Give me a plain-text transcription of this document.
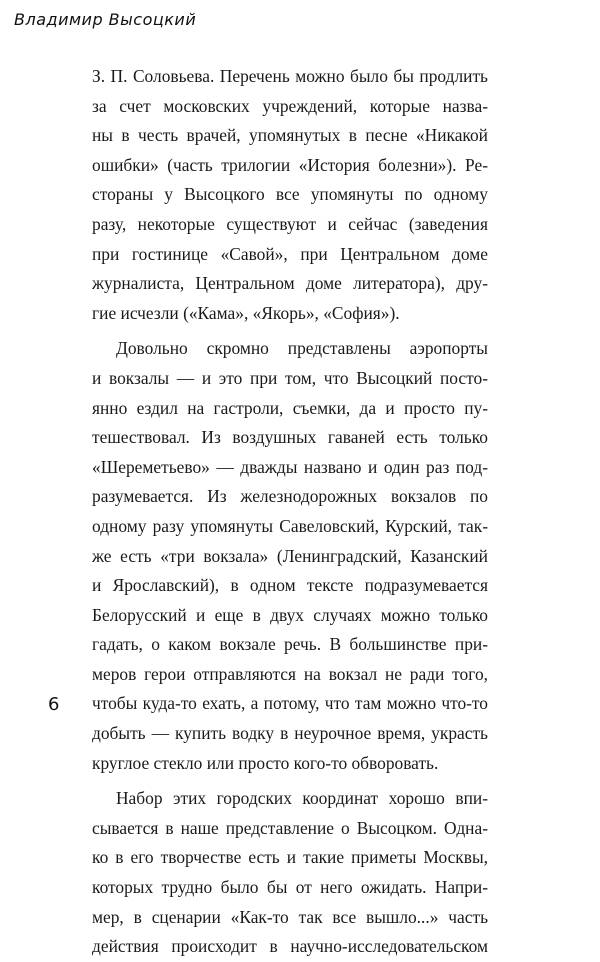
Владимир Высоцкий
З. П. Соловьева. Перечень можно было бы продлить
за счет московских учреждений, которые назва-
ны в честь врачей, упомянутых в песне «Никакой
ошибки» (часть трилогии «История болезни»). Ре-
стораны у Высоцкого все упомянуты по одному
разу, некоторые существуют и сейчас (заведения
при гостинице «Савой», при Центральном доме
журналиста, Центральном доме литератора), дру-
гие исчезли («Кама», «Якорь», «София»).
Довольно скромно представлены аэропорты
и вокзалы — и это при том, что Высоцкий посто-
янно ездил на гастроли, съемки, да и просто пу-
тешествовал. Из воздушных гаваней есть только
«Шереметьево» — дважды названо и один раз под-
разумевается. Из железнодорожных вокзалов по
одному разу упомянуты Савеловский, Курский, так-
же есть «три вокзала» (Ленинградский, Казанский
и Ярославский), в одном тексте подразумевается
Белорусский и еще в двух случаях можно только
гадать, о каком вокзале речь. В большинстве при-
меров герои отправляются на вокзал не ради того,
чтобы куда-то ехать, а потому, что там можно что-то
добыть — купить водку в неурочное время, украсть
круглое стекло или просто кого-то обворовать.
Набор этих городских координат хорошо впи-
сывается в наше представление о Высоцком. Одна-
ко в его творчестве есть и такие приметы Москвы,
которых трудно было бы от него ожидать. Напри-
мер, в сценарии «Как-то так все вышло...» часть
действия происходит в научно-исследовательском
6
